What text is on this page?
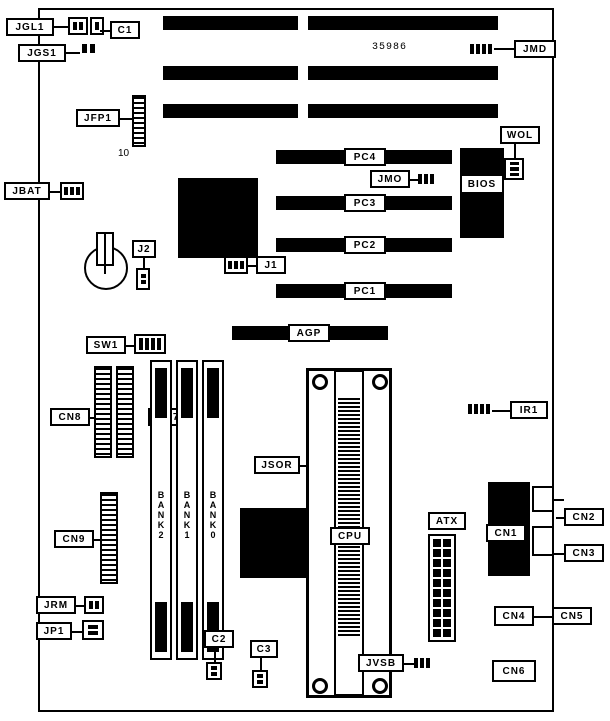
35986
JGL1
JGS1
C1
JMD
JFP1
10
WOL
BIOS
JBAT
PC4
PC3
PC2
PC1
JMO
J1
J2
AGP
SW1
CN8
CN9
B
A
N
K
2
B
A
N
K
1
B
A
N
K
0
JSOR
IR1
CPU
ATX
CN1
CN2
CN3
CN4	CN5
CN6
JRM
JP1
C2
C3
JVSB
